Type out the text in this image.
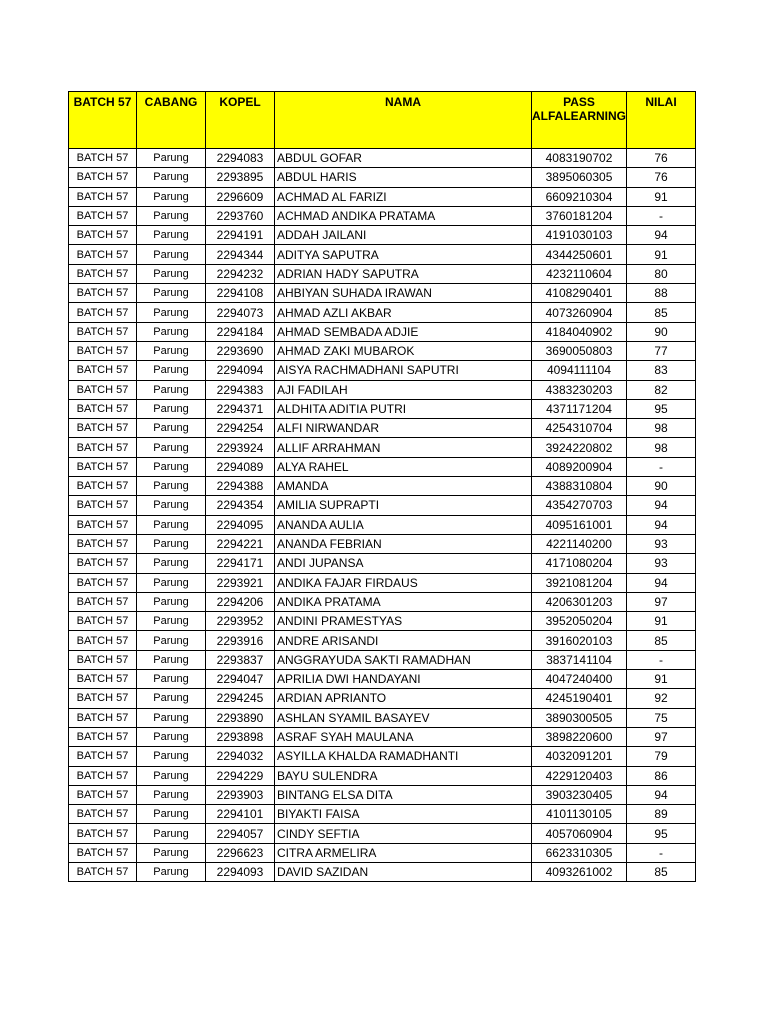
BATCH 57	CABANG	KOPEL	NAMA	PASS ALFALEARNING	NILAI
BATCH 57	Parung	2294083	ABDUL GOFAR	4083190702	76
BATCH 57	Parung	2293895	ABDUL HARIS	3895060305	76
BATCH 57	Parung	2296609	ACHMAD AL FARIZI	6609210304	91
BATCH 57	Parung	2293760	ACHMAD ANDIKA PRATAMA	3760181204	-
BATCH 57	Parung	2294191	ADDAH JAILANI	4191030103	94
BATCH 57	Parung	2294344	ADITYA SAPUTRA	4344250601	91
BATCH 57	Parung	2294232	ADRIAN HADY SAPUTRA	4232110604	80
BATCH 57	Parung	2294108	AHBIYAN SUHADA IRAWAN	4108290401	88
BATCH 57	Parung	2294073	AHMAD AZLI AKBAR	4073260904	85
BATCH 57	Parung	2294184	AHMAD SEMBADA ADJIE	4184040902	90
BATCH 57	Parung	2293690	AHMAD ZAKI MUBAROK	3690050803	77
BATCH 57	Parung	2294094	AISYA RACHMADHANI SAPUTRI	4094111104	83
BATCH 57	Parung	2294383	AJI FADILAH	4383230203	82
BATCH 57	Parung	2294371	ALDHITA ADITIA PUTRI	4371171204	95
BATCH 57	Parung	2294254	ALFI NIRWANDAR	4254310704	98
BATCH 57	Parung	2293924	ALLIF ARRAHMAN	3924220802	98
BATCH 57	Parung	2294089	ALYA RAHEL	4089200904	-
BATCH 57	Parung	2294388	AMANDA	4388310804	90
BATCH 57	Parung	2294354	AMILIA SUPRAPTI	4354270703	94
BATCH 57	Parung	2294095	ANANDA AULIA	4095161001	94
BATCH 57	Parung	2294221	ANANDA FEBRIAN	4221140200	93
BATCH 57	Parung	2294171	ANDI JUPANSA	4171080204	93
BATCH 57	Parung	2293921	ANDIKA FAJAR FIRDAUS	3921081204	94
BATCH 57	Parung	2294206	ANDIKA PRATAMA	4206301203	97
BATCH 57	Parung	2293952	ANDINI PRAMESTYAS	3952050204	91
BATCH 57	Parung	2293916	ANDRE ARISANDI	3916020103	85
BATCH 57	Parung	2293837	ANGGRAYUDA SAKTI RAMADHAN	3837141104	-
BATCH 57	Parung	2294047	APRILIA DWI HANDAYANI	4047240400	91
BATCH 57	Parung	2294245	ARDIAN APRIANTO	4245190401	92
BATCH 57	Parung	2293890	ASHLAN SYAMIL BASAYEV	3890300505	75
BATCH 57	Parung	2293898	ASRAF SYAH MAULANA	3898220600	97
BATCH 57	Parung	2294032	ASYILLA KHALDA RAMADHANTI	4032091201	79
BATCH 57	Parung	2294229	BAYU SULENDRA	4229120403	86
BATCH 57	Parung	2293903	BINTANG ELSA DITA	3903230405	94
BATCH 57	Parung	2294101	BIYAKTI FAISA	4101130105	89
BATCH 57	Parung	2294057	CINDY SEFTIA	4057060904	95
BATCH 57	Parung	2296623	CITRA ARMELIRA	6623310305	-
BATCH 57	Parung	2294093	DAVID SAZIDAN	4093261002	85
